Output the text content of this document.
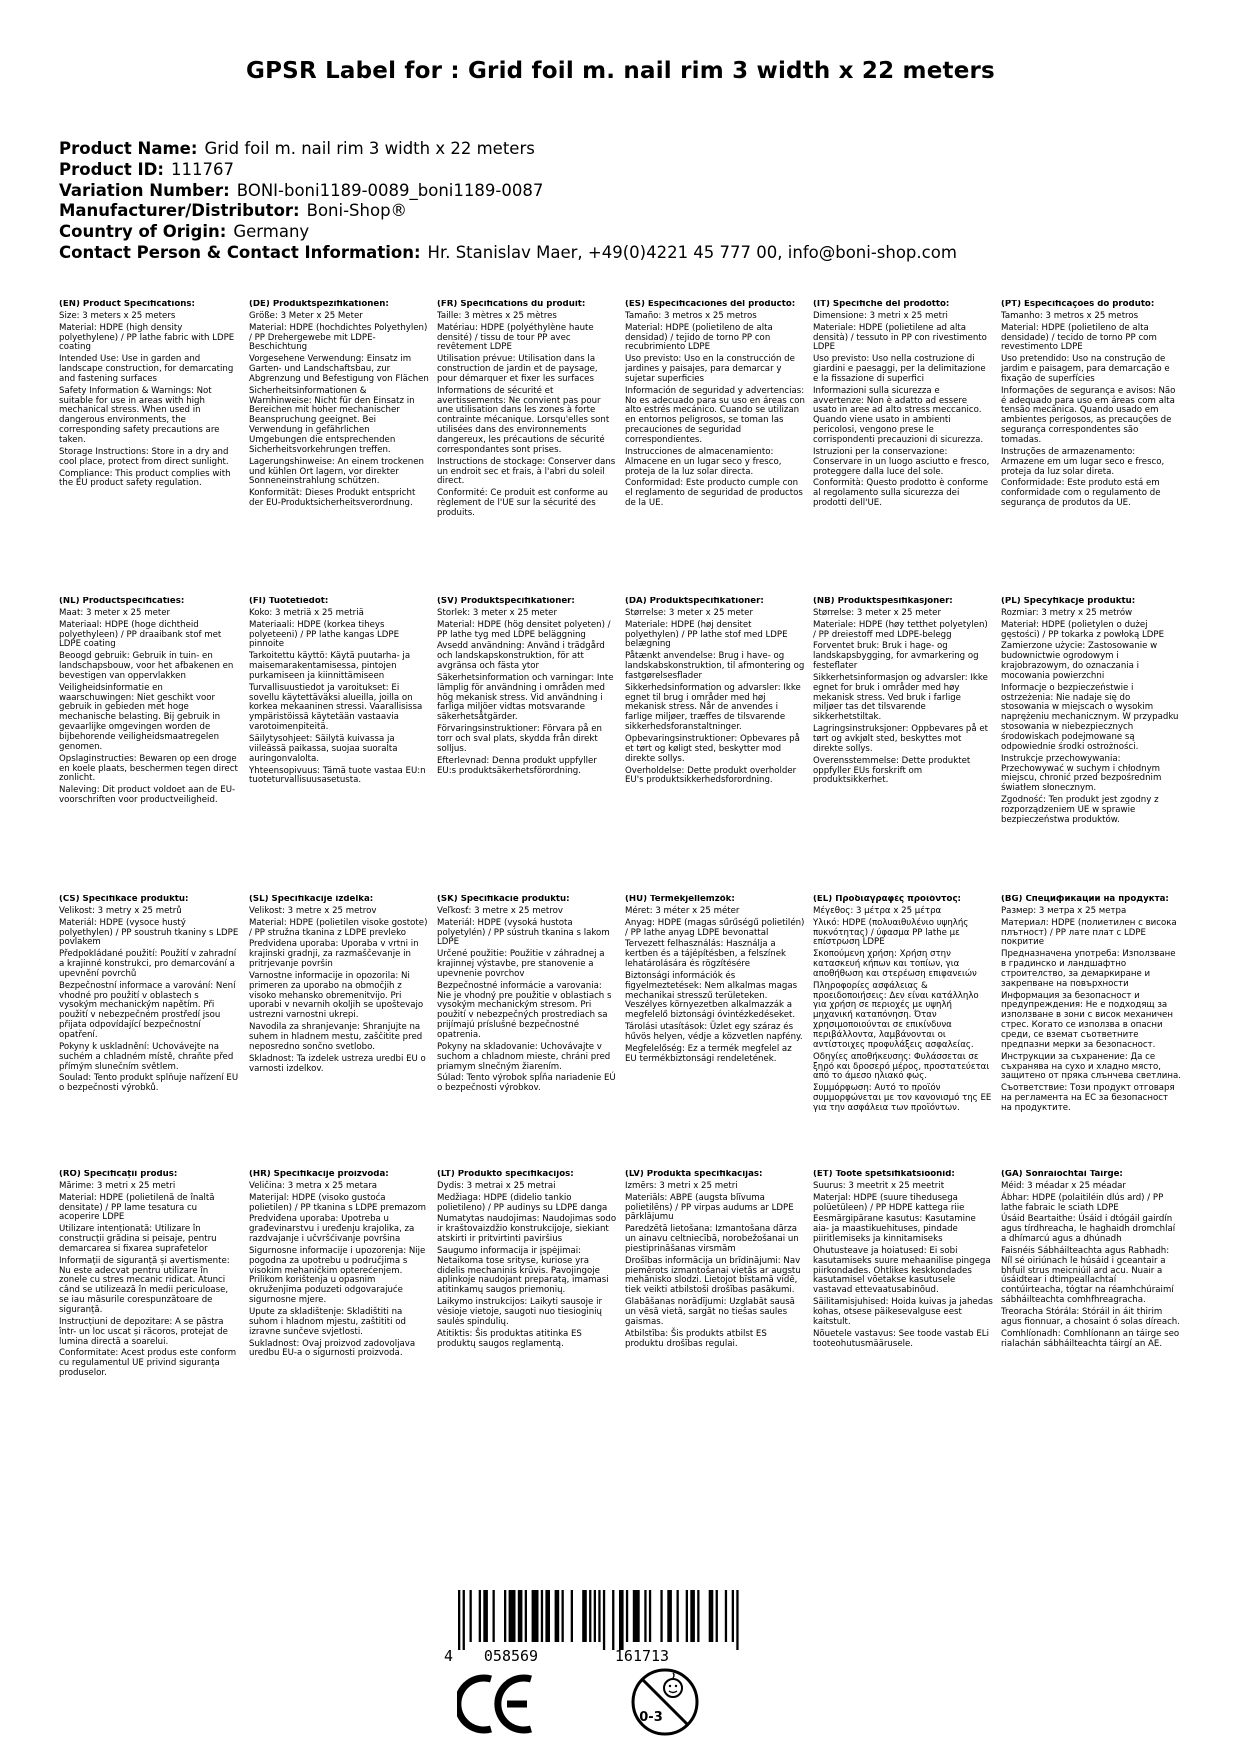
GPSR Label for : Grid foil m. nail rim 3 width x 22 meters
Product Name: Grid foil m. nail rim 3 width x 22 meters
Product ID: 111767
Variation Number: BONI-boni1189-0089_boni1189-0087
Manufacturer/Distributor: Boni-Shop®
Country of Origin: Germany
Contact Person & Contact Information: Hr. Stanislav Maer, +49(0)4221 45 777 00, info@boni-shop.com

(EN) Product Specifications:

Size: 3 meters x 25 meters

Material: HDPE (high density polyethylene) / PP lathe fabric with LDPE coating

Intended Use: Use in garden and landscape construction, for demarcating and fastening surfaces

Safety Information & Warnings: Not suitable for use in areas with high mechanical stress. When used in dangerous environments, the corresponding safety precautions are taken.

Storage Instructions: Store in a dry and cool place, protect from direct sunlight.

Compliance: This product complies with the EU product safety regulation.

(DE) Produktspezifikationen:

Größe: 3 Meter x 25 Meter

Material: HDPE (hochdichtes Polyethylen) / PP Drehergewebe mit LDPE-Beschichtung

Vorgesehene Verwendung: Einsatz im Garten- und Landschaftsbau, zur Abgrenzung und Befestigung von Flächen

Sicherheitsinformationen & Warnhinweise: Nicht für den Einsatz in Bereichen mit hoher mechanischer Beanspruchung geeignet. Bei Verwendung in gefährlichen Umgebungen die entsprechenden Sicherheitsvorkehrungen treffen.

Lagerungshinweise: An einem trockenen und kühlen Ort lagern, vor direkter Sonneneinstrahlung schützen.

Konformität: Dieses Produkt entspricht der EU-Produktsicherheitsverordnung.

(FR) Spécifications du produit:

Taille: 3 mètres x 25 mètres

Matériau: HDPE (polyéthylène haute densité) / tissu de tour PP avec revêtement LDPE

Utilisation prévue: Utilisation dans la construction de jardin et de paysage, pour démarquer et fixer les surfaces

Informations de sécurité et avertissements: Ne convient pas pour une utilisation dans les zones à forte contrainte mécanique. Lorsqu'elles sont utilisées dans des environnements dangereux, les précautions de sécurité correspondantes sont prises.

Instructions de stockage: Conserver dans un endroit sec et frais, à l'abri du soleil direct.

Conformité: Ce produit est conforme au règlement de l'UE sur la sécurité des produits.

(ES) Especificaciones del producto:

Tamaño: 3 metros x 25 metros

Material: HDPE (polietileno de alta densidad) / tejido de torno PP con recubrimiento LDPE

Uso previsto: Uso en la construcción de jardines y paisajes, para demarcar y sujetar superficies

Información de seguridad y advertencias: No es adecuado para su uso en áreas con alto estrés mecánico. Cuando se utilizan en entornos peligrosos, se toman las precauciones de seguridad correspondientes.

Instrucciones de almacenamiento: Almacene en un lugar seco y fresco, proteja de la luz solar directa.

Conformidad: Este producto cumple con el reglamento de seguridad de productos de la UE.

(IT) Specifiche del prodotto:

Dimensione: 3 metri x 25 metri

Materiale: HDPE (polietilene ad alta densità) / tessuto in PP con rivestimento LDPE

Uso previsto: Uso nella costruzione di giardini e paesaggi, per la delimitazione e la fissazione di superfici

Informazioni sulla sicurezza e avvertenze: Non è adatto ad essere usato in aree ad alto stress meccanico. Quando viene usato in ambienti pericolosi, vengono prese le corrispondenti precauzioni di sicurezza.

Istruzioni per la conservazione: Conservare in un luogo asciutto e fresco, proteggere dalla luce del sole.

Conformità: Questo prodotto è conforme al regolamento sulla sicurezza dei prodotti dell'UE.

(PT) Especificações do produto:

Tamanho: 3 metros x 25 metros

Material: HDPE (polietileno de alta densidade) / tecido de torno PP com revestimento LDPE

Uso pretendido: Uso na construção de jardim e paisagem, para demarcação e fixação de superfícies

Informações de segurança e avisos: Não é adequado para uso em áreas com alta tensão mecânica. Quando usado em ambientes perigosos, as precauções de segurança correspondentes são tomadas.

Instruções de armazenamento: Armazene em um lugar seco e fresco, proteja da luz solar direta.

Conformidade: Este produto está em conformidade com o regulamento de segurança de produtos da UE.

(NL) Productspecificaties:

Maat: 3 meter x 25 meter

Materiaal: HDPE (hoge dichtheid polyethyleen) / PP draaibank stof met LDPE coating

Beoogd gebruik: Gebruik in tuin- en landschapsbouw, voor het afbakenen en bevestigen van oppervlakken

Veiligheidsinformatie en waarschuwingen: Niet geschikt voor gebruik in gebieden met hoge mechanische belasting. Bij gebruik in gevaarlijke omgevingen worden de bijbehorende veiligheidsmaatregelen genomen.

Opslaginstructies: Bewaren op een droge en koele plaats, beschermen tegen direct zonlicht.

Naleving: Dit product voldoet aan de EU-voorschriften voor productveiligheid.

(FI) Tuotetiedot:

Koko: 3 metriä x 25 metriä

Materiaali: HDPE (korkea tiheys polyeteeni) / PP lathe kangas LDPE pinnoite

Tarkoitettu käyttö: Käytä puutarha- ja maisemarakentamisessa, pintojen purkamiseen ja kiinnittämiseen

Turvallisuustiedot ja varoitukset: Ei sovellu käytettäväksi alueilla, joilla on korkea mekaaninen stressi. Vaarallisissa ympäristöissä käytetään vastaavia varotoimenpiteitä.

Säilytysohjeet: Säilytä kuivassa ja viileässä paikassa, suojaa suoralta auringonvalolta.

Yhteensopivuus: Tämä tuote vastaa EU:n tuoteturvallisuusasetusta.

(SV) Produktspecifikationer:

Storlek: 3 meter x 25 meter

Material: HDPE (hög densitet polyeten) / PP lathe tyg med LDPE beläggning

Avsedd användning: Använd i trädgård och landskapskonstruktion, för att avgränsa och fästa ytor

Säkerhetsinformation och varningar: Inte lämplig för användning i områden med hög mekanisk stress. Vid användning i farliga miljöer vidtas motsvarande säkerhetsåtgärder.

Förvaringsinstruktioner: Förvara på en torr och sval plats, skydda från direkt solljus.

Efterlevnad: Denna produkt uppfyller EU:s produktsäkerhetsförordning.

(DA) Produktspecifikationer:

Størrelse: 3 meter x 25 meter

Materiale: HDPE (høj densitet polyethylen) / PP lathe stof med LDPE belægning

Påtænkt anvendelse: Brug i have- og landskabskonstruktion, til afmontering og fastgørelsesflader

Sikkerhedsinformation og advarsler: Ikke egnet til brug i områder med høj mekanisk stress. Når de anvendes i farlige miljøer, træffes de tilsvarende sikkerhedsforanstaltninger.

Opbevaringsinstruktioner: Opbevares på et tørt og køligt sted, beskytter mod direkte sollys.

Overholdelse: Dette produkt overholder EU's produktsikkerhedsforordning.

(NB) Produktspesifikasjoner:

Størrelse: 3 meter x 25 meter

Materiale: HDPE (høy tetthet polyetylen) / PP dreiestoff med LDPE-belegg

Forventet bruk: Bruk i hage- og landskapsbygging, for avmarkering og festeflater

Sikkerhetsinformasjon og advarsler: Ikke egnet for bruk i områder med høy mekanisk stress. Ved bruk i farlige miljøer tas det tilsvarende sikkerhetstiltak.

Lagringsinstruksjoner: Oppbevares på et tørt og avkjølt sted, beskyttes mot direkte sollys.

Overensstemmelse: Dette produktet oppfyller EUs forskrift om produktsikkerhet.

(PL) Specyfikacje produktu:

Rozmiar: 3 metry x 25 metrów

Materiał: HDPE (polietylen o dużej gęstości) / PP tokarka z powłoką LDPE

Zamierzone użycie: Zastosowanie w budownictwie ogrodowym i krajobrazowym, do oznaczania i mocowania powierzchni

Informacje o bezpieczeństwie i ostrzeżenia: Nie nadaje się do stosowania w miejscach o wysokim naprężeniu mechanicznym. W przypadku stosowania w niebezpiecznych środowiskach podejmowane są odpowiednie środki ostrożności.

Instrukcje przechowywania: Przechowywać w suchym i chłodnym miejscu, chronić przed bezpośrednim światłem słonecznym.

Zgodność: Ten produkt jest zgodny z rozporządzeniem UE w sprawie bezpieczeństwa produktów.

(CS) Specifikace produktu:

Velikost: 3 metry x 25 metrů

Materiál: HDPE (vysoce hustý polyethylen) / PP soustruh tkaniny s LDPE povlakem

Předpokládané použití: Použití v zahradní a krajinné konstrukci, pro demarcování a upevnění povrchů

Bezpečnostní informace a varování: Není vhodné pro použití v oblastech s vysokým mechanickým napětím. Při použití v nebezpečném prostředí jsou přijata odpovídající bezpečnostní opatření.

Pokyny k uskladnění: Uchovávejte na suchém a chladném místě, chraňte před přímým slunečním světlem.

Soulad: Tento produkt splňuje nařízení EU o bezpečnosti výrobků.

(SL) Specifikacije izdelka:

Velikost: 3 metre x 25 metrov

Material: HDPE (polietilen visoke gostote) / PP stružna tkanina z LDPE prevleko

Predvidena uporaba: Uporaba v vrtni in krajinski gradnji, za razmaščevanje in pritrjevanje površin

Varnostne informacije in opozorila: Ni primeren za uporabo na območjih z visoko mehansko obremenitvijo. Pri uporabi v nevarnih okoljih se upoštevajo ustrezni varnostni ukrepi.

Navodila za shranjevanje: Shranjujte na suhem in hladnem mestu, zaščitite pred neposredno sončno svetlobo.

Skladnost: Ta izdelek ustreza uredbi EU o varnosti izdelkov.

(SK) Špecifikácie produktu:

Veľkosť: 3 metre x 25 metrov

Materiál: HDPE (vysoká hustota polyetylén) / PP sústruh tkanina s lakom LDPE

Určené použitie: Použitie v záhradnej a krajinnej výstavbe, pre stanovenie a upevnenie povrchov

Bezpečnostné informácie a varovania: Nie je vhodný pre použitie v oblastiach s vysokým mechanickým stresom. Pri použití v nebezpečných prostrediach sa prijímajú príslušné bezpečnostné opatrenia.

Pokyny na skladovanie: Uchovávajte v suchom a chladnom mieste, chráni pred priamym slnečným žiarením.

Súlad: Tento výrobok spĺňa nariadenie EÚ o bezpečnosti výrobkov.

(HU) Termékjellemzők:

Méret: 3 méter x 25 méter

Anyag: HDPE (magas sűrűségű polietilén) / PP lathe anyag LDPE bevonattal

Tervezett felhasználás: Használja a kertben és a tájépítésben, a felszínek lehatárolására és rögzítésére

Biztonsági információk és figyelmeztetések: Nem alkalmas magas mechanikai stresszű területeken. Veszélyes környezetben alkalmazzák a megfelelő biztonsági óvintézkedéseket.

Tárolási utasítások: Üzlet egy száraz és hűvös helyen, védje a közvetlen napfény.

Megfelelőség: Ez a termék megfelel az EU termékbiztonsági rendeletének.

(EL) Προδιαγραφές προϊόντος:

Μέγεθος: 3 μέτρα x 25 μέτρα

Υλικό: HDPE (πολυαιθυλένιο υψηλής πυκνότητας) / ύφασμα PP lathe με επίστρωση LDPE

Σκοπούμενη χρήση: Χρήση στην κατασκευή κήπων και τοπίων, για αποθήθωση και στερέωση επιφανειών

Πληροφορίες ασφάλειας & προειδοποιήσεις: Δεν είναι κατάλληλο για χρήση σε περιοχές με υψηλή μηχανική καταπόνηση. Όταν χρησιμοποιούνται σε επικίνδυνα περιβάλλοντα, λαμβάνονται οι αντίστοιχες προφυλάξεις ασφαλείας.

Οδηγίες αποθήκευσης: Φυλάσσεται σε ξηρό και δροσερό μέρος, προστατεύεται από το άμεσο ηλιακό φως.

Συμμόρφωση: Αυτό το προϊόν συμμορφώνεται με τον κανονισμό της ΕΕ για την ασφάλεια των προϊόντων.

(BG) Спецификации на продукта:

Размер: 3 метра x 25 метра

Материал: HDPE (полиетилен с висока плътност) / PP лате плат с LDPE покритие

Предназначена употреба: Използване в градинско и ландшафтно строителство, за демаркиране и закрепване на повърхности

Информация за безопасност и предупреждения: Не е подходящ за използване в зони с висок механичен стрес. Когато се използва в опасни среди, се вземат съответните предпазни мерки за безопасност.

Инструкции за съхранение: Да се съхранява на сухо и хладно място, защитено от пряка слънчева светлина.

Съответствие: Този продукт отговаря на регламента на ЕС за безопасност на продуктите.

(RO) Specificații produs:

Mărime: 3 metri x 25 metri

Material: HDPE (polietilenă de înaltă densitate) / PP lame tesatura cu acoperire LDPE

Utilizare intenționată: Utilizare în construcții grădina si peisaje, pentru demarcarea si fixarea suprafetelor

Informații de siguranță și avertismente: Nu este adecvat pentru utilizare în zonele cu stres mecanic ridicat. Atunci când se utilizează în medii periculoase, se iau măsurile corespunzătoare de siguranță.

Instrucțiuni de depozitare: A se păstra într- un loc uscat și răcoros, protejat de lumina directă a soarelui.

Conformitate: Acest produs este conform cu regulamentul UE privind siguranța produselor.

(HR) Specifikacije proizvoda:

Veličina: 3 metra x 25 metara

Materijal: HDPE (visoko gustoća polietilen) / PP tkanina s LDPE premazom

Predviđena uporaba: Upotreba u građevinarstvu i uređenju krajolika, za razdvajanje i učvršćivanje površina

Sigurnosne informacije i upozorenja: Nije pogodna za upotrebu u područjima s visokim mehaničkim opterećenjem. Prilikom korištenja u opasnim okruženjima poduzeti odgovarajuće sigurnosne mjere.

Upute za skladištenje: Skladištiti na suhom i hladnom mjestu, zaštititi od izravne sunčeve svjetlosti.

Sukladnost: Ovaj proizvod zadovoljava uredbu EU-a o sigurnosti proizvoda.

(LT) Produkto specifikacijos:

Dydis: 3 metrai x 25 metrai

Medžiaga: HDPE (didelio tankio polietileno) / PP audinys su LDPE danga

Numatytas naudojimas: Naudojimas sodo ir kraštovaizdžio konstrukcijoje, siekiant atskirti ir pritvirtinti paviršius

Saugumo informacija ir įspėjimai: Netaikoma tose srityse, kuriose yra didelis mechaninis krūvis. Pavojingoje aplinkoje naudojant preparatą, imamasi atitinkamų saugos priemonių.

Laikymo instrukcijos: Laikyti sausoje ir vėsioje vietoje, saugoti nuo tiesioginių saulės spindulių.

Atitiktis: Šis produktas atitinka ES produktų saugos reglamentą.

(LV) Produkta specifikācijas:

Izmērs: 3 metri x 25 metri

Materiāls: ABPE (augsta blīvuma polietilēns) / PP virpas audums ar LDPE pārklājumu

Paredzētā lietošana: Izmantošana dārza un ainavu celtniecībā, norobežošanai un piestiprināšanas virsmām

Drošības informācija un brīdinājumi: Nav piemērots izmantošanai vietās ar augstu mehānisko slodzi. Lietojot bīstamā vidē, tiek veikti atbilstoši drošības pasākumi.

Glabāšanas norādījumi: Uzglabāt sausā un vēsā vietā, sargāt no tiešas saules gaismas.

Atbilstība: Šis produkts atbilst ES produktu drošības regulai.

(ET) Toote spetsifikatsioonid:

Suurus: 3 meetrit x 25 meetrit

Materjal: HDPE (suure tihedusega polüetüleen) / PP HDPE kattega riie

Eesmärgipärane kasutus: Kasutamine aia- ja maastikuehituses, pindade piiritlemiseks ja kinnitamiseks

Ohutusteave ja hoiatused: Ei sobi kasutamiseks suure mehaanilise pingega piirkondades. Ohtlikes keskkondades kasutamisel võetakse kasutusele vastavad ettevaatusabinõud.

Säilitamisjuhised: Hoida kuivas ja jahedas kohas, otsese päikesevalguse eest kaitstult.

Nõuetele vastavus: See toode vastab ELi tooteohutusmäärusele.

(GA) Sonraíochtaí Táirge:

Méid: 3 méadar x 25 méadar

Ábhar: HDPE (polaitiléin dlús ard) / PP lathe fabraic le sciath LDPE

Úsáid Beartaithe: Úsáid i dtógáil gairdín agus tírdhreacha, le haghaidh dromchlaí a dhímarcú agus a dhúnadh

Faisnéis Sábháilteachta agus Rabhadh: Níl sé oiriúnach le húsáid i gceantair a bhfuil strus meicniúil ard acu. Nuair a úsáidtear i dtimpeallachtaí contúirteacha, tógtar na réamhchúraimí sábháilteachta comhfhreagracha.

Treoracha Stórála: Stóráil in áit thirim agus fionnuar, a chosaint ó solas díreach.

Comhlíonadh: Comhlíonann an táirge seo rialachán sábháilteachta táirgí an AE.

4 058569	161713
0-3
